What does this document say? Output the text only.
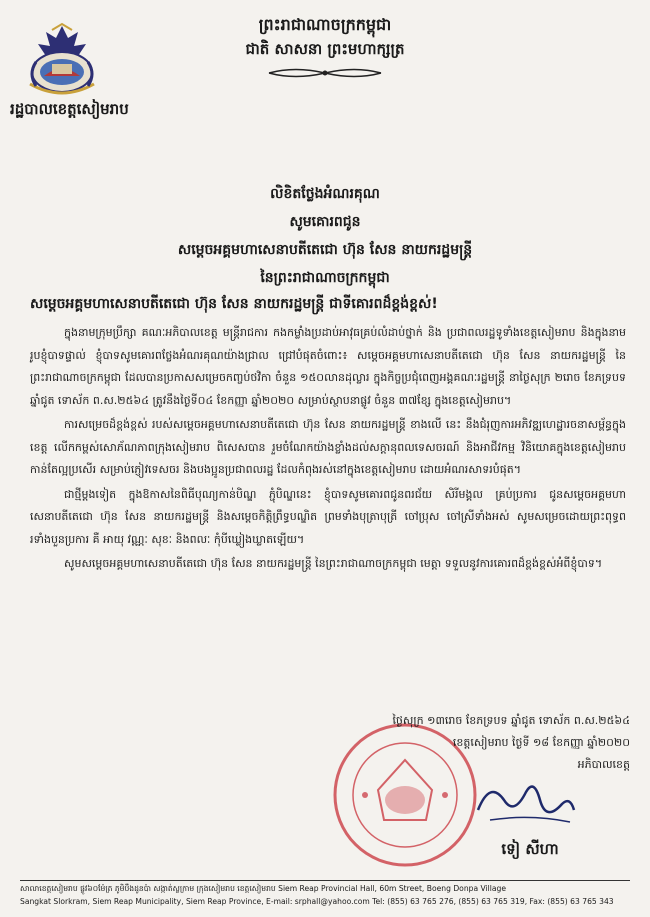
រដ្ឋបាលខេត្តសៀមរាប
ព្រះរាជាណាចក្រកម្ពុជា
ជាតិ សាសនា ព្រះមហាក្សត្រ
លិខិតថ្លែងអំណរគុណ
សូមគោរពជូន
សម្តេចអគ្គមហាសេនាបតីតេជោ ហ៊ុន សែន នាយករដ្ឋមន្ត្រី
នៃព្រះរាជាណាចក្រកម្ពុជា
សម្តេចអគ្គមហាសេនាបតីតេជោ ហ៊ុន សែន នាយករដ្ឋមន្ត្រី ជាទីគោរពដ៏ខ្ពង់ខ្ពស់!

ក្នុងនាមក្រុមប្រឹក្សា គណៈអភិបាលខេត្ត មន្ត្រីរាជការ កងកម្លាំងប្រដាប់អាវុធគ្រប់លំដាប់ថ្នាក់ និង ប្រជាពលរដ្ឋទូទាំងខេត្តសៀមរាប និងក្នុងនាមរូបខ្ញុំបាទផ្ទាល់ ខ្ញុំបាទសូមគោរពថ្លែងអំណរគុណយ៉ាងជ្រាល ជ្រៅបំផុតចំពោះ៖ សម្តេចអគ្គមហាសេនាបតីតេជោ ហ៊ុន សែន នាយករដ្ឋមន្ត្រី នៃព្រះរាជាណាចក្រកម្ពុជា ដែលបានប្រកាសសម្រេចកញ្ចប់ថវិកា ចំនួន ១៥០លានដុល្លារ ក្នុងកិច្ចប្រជុំពេញអង្គគណៈរដ្ឋមន្ត្រី នាថ្ងៃសុក្រ ២រោច ខែភទ្របទ ឆ្នាំជូត ទោស័ក ព.ស.២៥៦៤ ត្រូវនឹងថ្ងៃទី០៤ ខែកញ្ញា ឆ្នាំ២០២០ សម្រាប់ស្ថាបនាផ្លូវ ចំនួន ៣៧ខ្សែ ក្នុងខេត្តសៀមរាប។

ការសម្រេចដ៏ខ្ពង់ខ្ពស់ របស់សម្តេចអគ្គមហាសេនាបតីតេជោ ហ៊ុន សែន នាយករដ្ឋមន្ត្រី ខាងលើ នេះ នឹងជំរុញការអភិវឌ្ឍហេដ្ឋារចនាសម្ព័ន្ធក្នុងខេត្ត លើកកម្ពស់សោភ័ណភាពក្រុងសៀមរាប ពិសេសបាន រួមចំណែកយ៉ាងខ្លាំងដល់សក្តានុពលទេសចរណ៍ និងអាជីវកម្ម វិនិយោគក្នុងខេត្តសៀមរាប កាន់តែល្អប្រសើរ សម្រាប់ភ្ញៀវទេសចរ និងបងប្អូនប្រជាពលរដ្ឋ ដែលកំពុងរស់នៅក្នុងខេត្តសៀមរាប ដោយអំណរសាទរបំផុត។

ជាថ្មីម្តងទៀត ក្នុងឱកាសនៃពិធីបុណ្យកាន់បិណ្ឌ ភ្ជុំបិណ្ឌនេះ ខ្ញុំបាទសូមគោរពជូនពរជ័យ សិរីមង្គល គ្រប់ប្រការ ជូនសម្តេចអគ្គមហាសេនាបតីតេជោ ហ៊ុន សែន នាយករដ្ឋមន្ត្រី និងសម្តេចកិត្តិព្រឹទ្ធបណ្ឌិត ព្រមទាំងបុត្រាបុត្រី ចៅប្រុស ចៅស្រីទាំងអស់ សូមសម្រេចដោយព្រះពុទ្ធពរទាំងបួនប្រការ គឺ អាយុ វណ្ណៈ សុខៈ និងពលៈ កុំបីឃ្លៀងឃ្លាតឡើយ។

សូមសម្តេចអគ្គមហាសេនាបតីតេជោ ហ៊ុន សែន នាយករដ្ឋមន្ត្រី នៃព្រះរាជាណាចក្រកម្ពុជា មេត្តា ទទួលនូវការគោរពដ៏ខ្ពង់ខ្ពស់អំពីខ្ញុំបាទ។

ថ្ងៃសុក្រ ១៣រោច ខែភទ្របទ ឆ្នាំជូត ទោស័ក ព.ស.២៥៦៤
ខេត្តសៀមរាប ថ្ងៃទី ១៨ ខែកញ្ញា ឆ្នាំ២០២០
អភិបាលខេត្ត
ទៀ សីហា
សាលាខេត្តសៀមរាប ផ្លូវ៦០ម៉ែត្រ ភូមិបឹងដូនប៉ា សង្កាត់ស្លក្រាម ក្រុងសៀមរាប ខេត្តសៀមរាប Siem Reap Provincial Hall, 60m Street, Boeng Donpa Village
Sangkat Slorkram, Siem Reap Municipality, Siem Reap Province, E-mail: srphall@yahoo.com Tel: (855) 63 765 276, (855) 63 765 319, Fax: (855) 63 765 343
